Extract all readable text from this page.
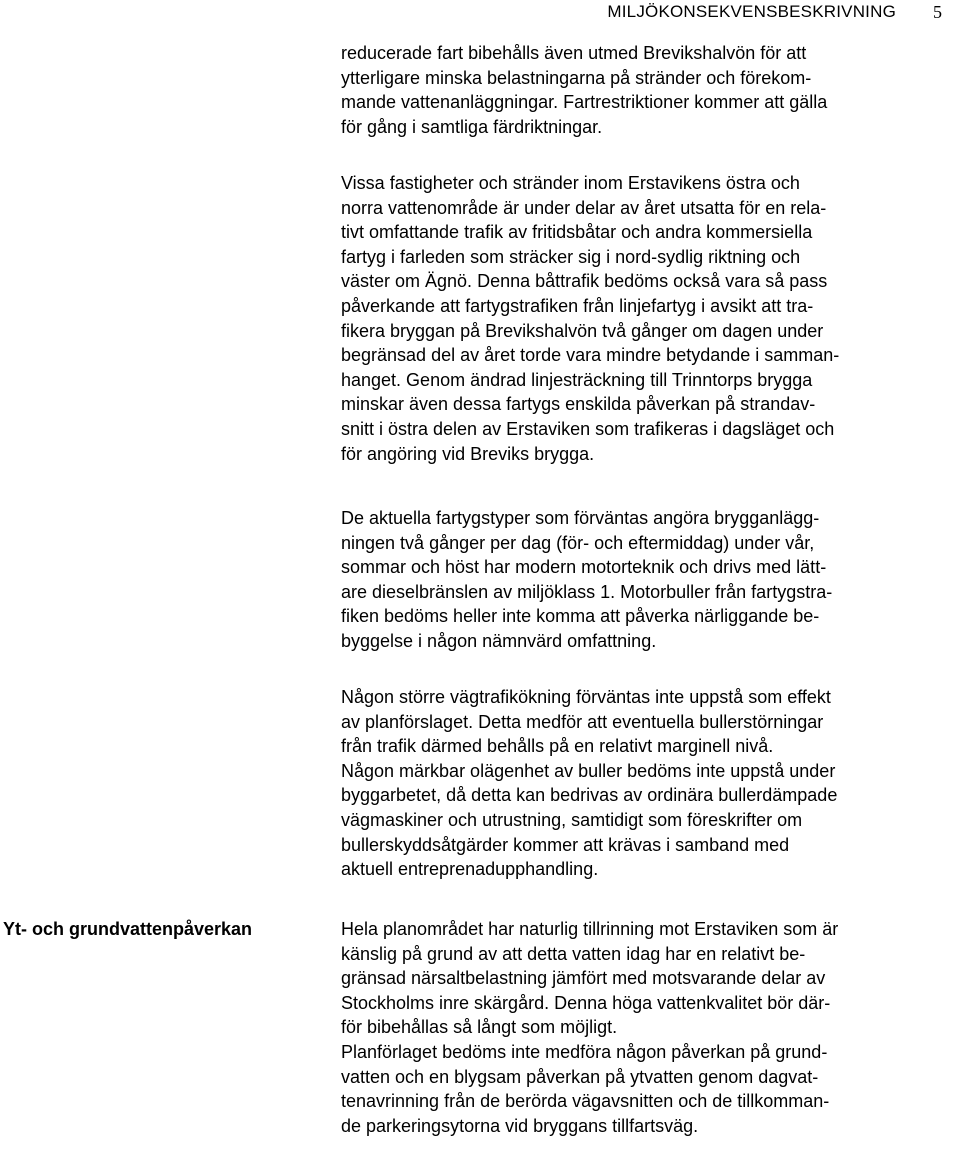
MILJÖKONSEKVENSBESKRIVNING 5

reducerade fart bibehålls även utmed Brevikshalvön för att
ytterligare minska belastningarna på stränder och förekom-
mande vattenanläggningar. Fartrestriktioner kommer att gälla
för gång i samtliga färdriktningar.

Vissa fastigheter och stränder inom Erstavikens östra och
norra vattenområde är under delar av året utsatta för en rela-
tivt omfattande trafik av fritidsbåtar och andra kommersiella
fartyg i farleden som sträcker sig i nord-sydlig riktning och
väster om Ägnö. Denna båttrafik bedöms också vara så pass
påverkande att fartygstrafiken från linjefartyg i avsikt att tra-
fikera bryggan på Brevikshalvön två gånger om dagen under
begränsad del av året torde vara mindre betydande i samman-
hanget. Genom ändrad linjesträckning till Trinntorps brygga
minskar även dessa fartygs enskilda påverkan på strandav-
snitt i östra delen av Erstaviken som trafikeras i dagsläget och
för angöring vid Breviks brygga.

De aktuella fartygstyper som förväntas angöra brygganlägg-
ningen två gånger per dag (för- och eftermiddag) under vår,
sommar och höst har modern motorteknik och drivs med lätt-
are dieselbränslen av miljöklass 1. Motorbuller från fartygstra-
fiken bedöms heller inte komma att påverka närliggande be-
byggelse i någon nämnvärd omfattning.

Någon större vägtrafikökning förväntas inte uppstå som effekt
av planförslaget. Detta medför att eventuella bullerstörningar
från trafik därmed behålls på en relativt marginell nivå.
Någon märkbar olägenhet av buller bedöms inte uppstå under
byggarbetet, då detta kan bedrivas av ordinära bullerdämpade
vägmaskiner och utrustning, samtidigt som föreskrifter om
bullerskyddsåtgärder kommer att krävas i samband med
aktuell entreprenadupphandling.

Yt- och grundvattenpåverkan	Hela planområdet har naturlig tillrinning mot Erstaviken som är
känslig på grund av att detta vatten idag har en relativt be-
gränsad närsaltbelastning jämfört med motsvarande delar av
Stockholms inre skärgård. Denna höga vattenkvalitet bör där-
för bibehållas så långt som möjligt.
Planförlaget bedöms inte medföra någon påverkan på grund-
vatten och en blygsam påverkan på ytvatten genom dagvat-
tenavrinning från de berörda vägavsnitten och de tillkomman-
de parkeringsytorna vid bryggans tillfartsväg.
